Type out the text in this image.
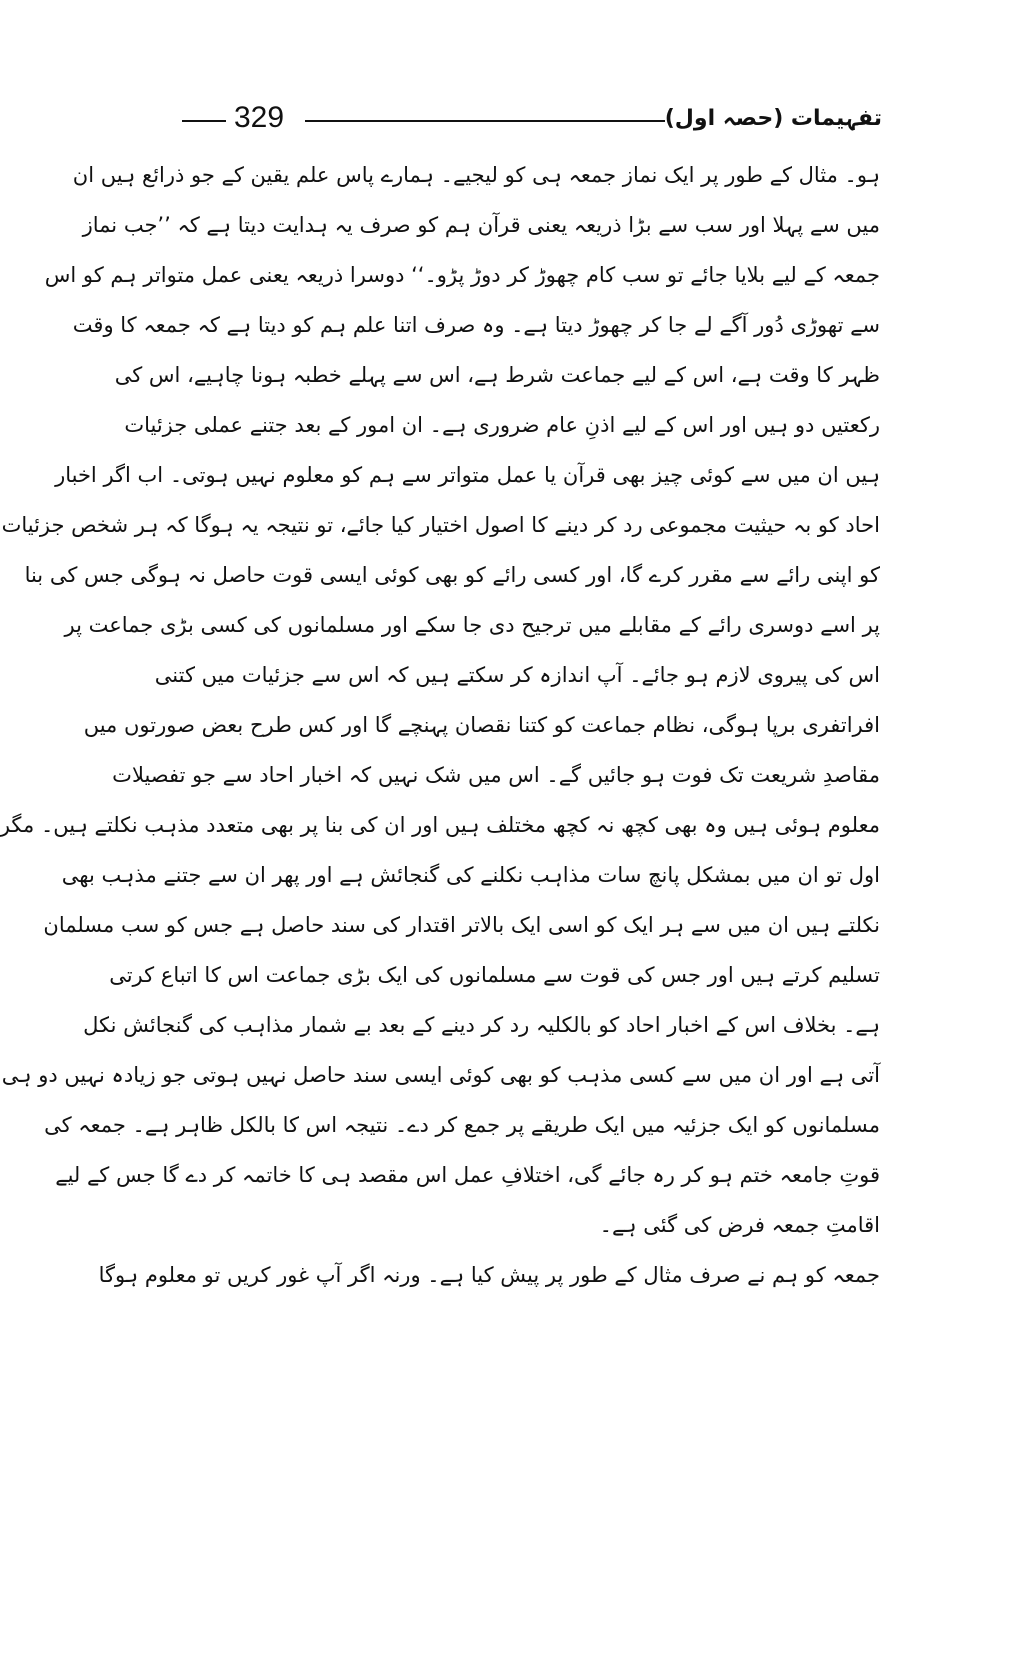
329	تفہیمات (حصہ اول)
ہو۔ مثال کے طور پر ایک نماز جمعہ ہی کو لیجیے۔ ہمارے پاس علم یقین کے جو ذرائع ہیں ان
میں سے پہلا اور سب سے بڑا ذریعہ یعنی قرآن ہم کو صرف یہ ہدایت دیتا ہے کہ ’’جب نماز
جمعہ کے لیے بلایا جائے تو سب کام چھوڑ کر دوڑ پڑو۔‘‘ دوسرا ذریعہ یعنی عمل متواتر ہم کو اس
سے تھوڑی دُور آگے لے جا کر چھوڑ دیتا ہے۔ وہ صرف اتنا علم ہم کو دیتا ہے کہ جمعہ کا وقت
ظہر کا وقت ہے، اس کے لیے جماعت شرط ہے، اس سے پہلے خطبہ ہونا چاہیے، اس کی
رکعتیں دو ہیں اور اس کے لیے اذنِ عام ضروری ہے۔ ان امور کے بعد جتنے عملی جزئیات
ہیں ان میں سے کوئی چیز بھی قرآن یا عمل متواتر سے ہم کو معلوم نہیں ہوتی۔ اب اگر اخبار
احاد کو بہ حیثیت مجموعی رد کر دینے کا اصول اختیار کیا جائے، تو نتیجہ یہ ہوگا کہ ہر شخص جزئیات
کو اپنی رائے سے مقرر کرے گا، اور کسی رائے کو بھی کوئی ایسی قوت حاصل نہ ہوگی جس کی بنا
پر اسے دوسری رائے کے مقابلے میں ترجیح دی جا سکے اور مسلمانوں کی کسی بڑی جماعت پر
اس کی پیروی لازم ہو جائے۔ آپ اندازہ کر سکتے ہیں کہ اس سے جزئیات میں کتنی
افراتفری برپا ہوگی، نظام جماعت کو کتنا نقصان پہنچے گا اور کس طرح بعض صورتوں میں
مقاصدِ شریعت تک فوت ہو جائیں گے۔ اس میں شک نہیں کہ اخبار احاد سے جو تفصیلات
معلوم ہوئی ہیں وہ بھی کچھ نہ کچھ مختلف ہیں اور ان کی بنا پر بھی متعدد مذہب نکلتے ہیں۔ مگر
اول تو ان میں بمشکل پانچ سات مذاہب نکلنے کی گنجائش ہے اور پھر ان سے جتنے مذہب بھی
نکلتے ہیں ان میں سے ہر ایک کو اسی ایک بالاتر اقتدار کی سند حاصل ہے جس کو سب مسلمان
تسلیم کرتے ہیں اور جس کی قوت سے مسلمانوں کی ایک بڑی جماعت اس کا اتباع کرتی
ہے۔ بخلاف اس کے اخبار احاد کو بالکلیہ رد کر دینے کے بعد بے شمار مذاہب کی گنجائش نکل
آتی ہے اور ان میں سے کسی مذہب کو بھی کوئی ایسی سند حاصل نہیں ہوتی جو زیادہ نہیں دو ہی
مسلمانوں کو ایک جزئیہ میں ایک طریقے پر جمع کر دے۔ نتیجہ اس کا بالکل ظاہر ہے۔ جمعہ کی
قوتِ جامعہ ختم ہو کر رہ جائے گی، اختلافِ عمل اس مقصد ہی کا خاتمہ کر دے گا جس کے لیے
اقامتِ جمعہ فرض کی گئی ہے۔
جمعہ کو ہم نے صرف مثال کے طور پر پیش کیا ہے۔ ورنہ اگر آپ غور کریں تو معلوم ہوگا
